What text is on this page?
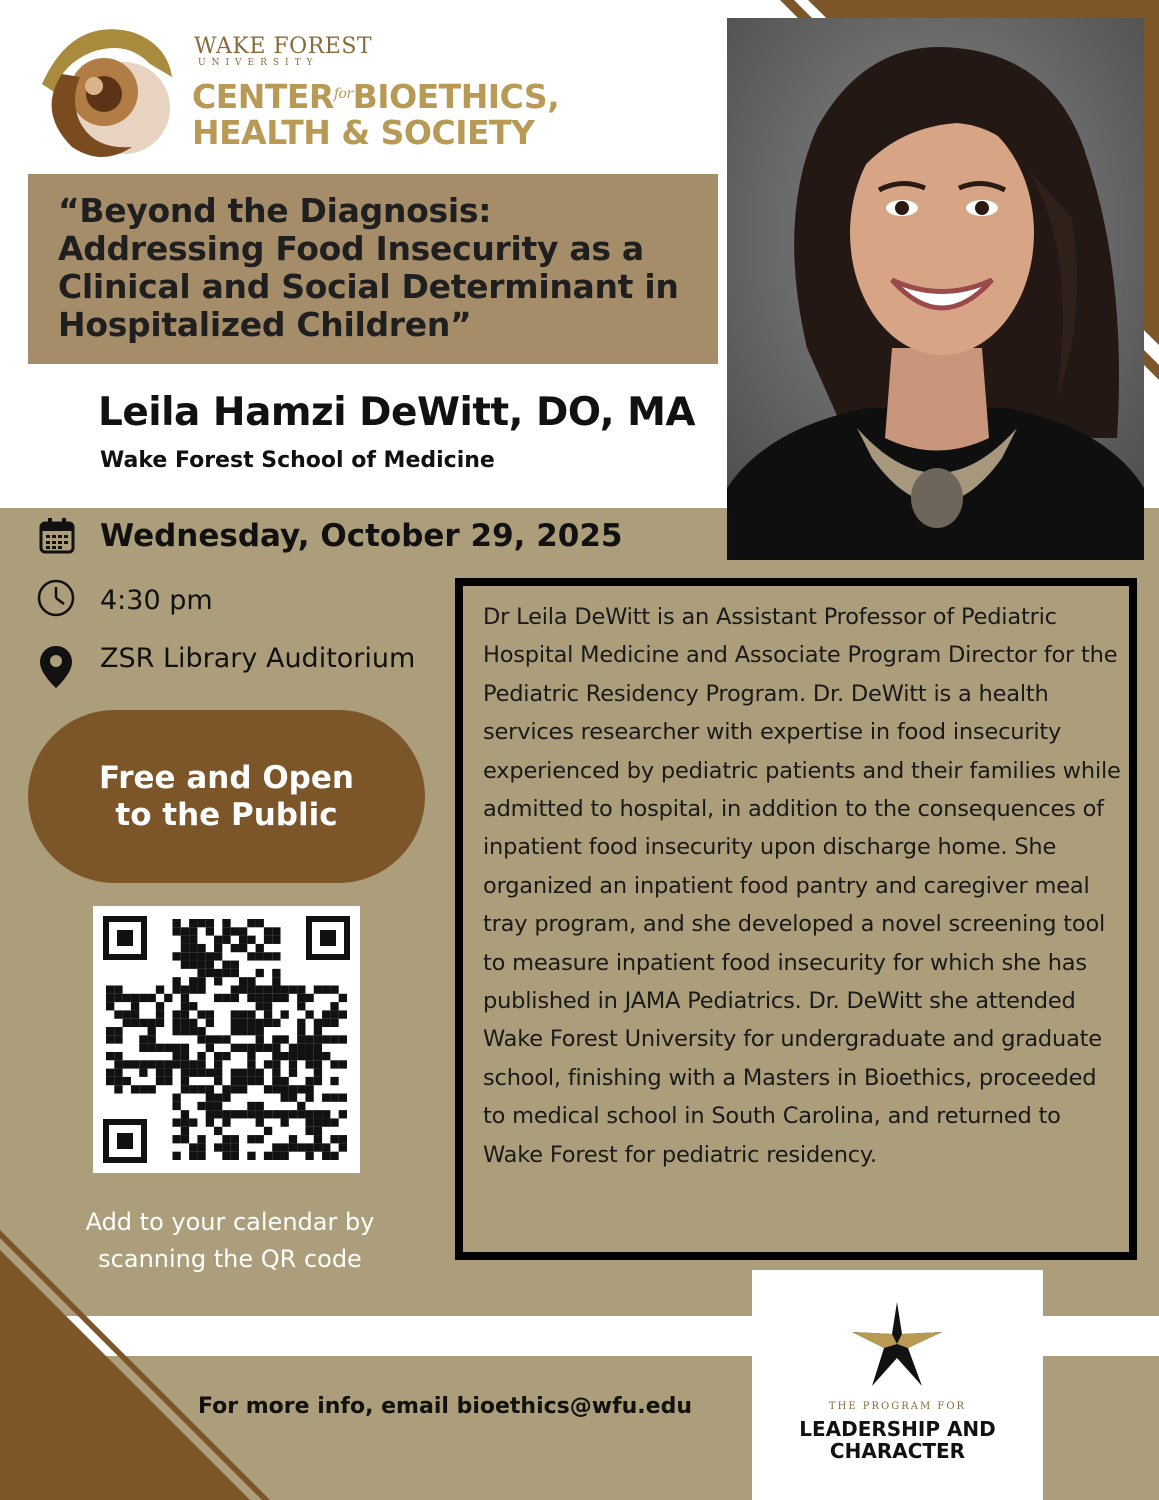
WAKE FOREST
UNIVERSITY
$CENTER^{for}BIOETHICS$,
HEALTH & SOCIETY
“Beyond the Diagnosis: Addressing Food Insecurity as a Clinical and Social Determinant in Hospitalized Children”
Leila Hamzi DeWitt, DO, MA
Wake Forest School of Medicine
Wednesday, October 29, 2025
4:30 pm
ZSR Library Auditorium
Free and Open
to the Public
Add to your calendar by
scanning the QR code
Dr Leila DeWitt is an Assistant Professor of Pediatric Hospital Medicine and Associate Program Director for the Pediatric Residency Program. Dr. DeWitt is a health services researcher with expertise in food insecurity experienced by pediatric patients and their families while admitted to hospital, in addition to the consequences of inpatient food insecurity upon discharge home. She organized an inpatient food pantry and caregiver meal tray program, and she developed a novel screening tool to measure inpatient food insecurity for which she has published in JAMA Pediatrics. Dr. DeWitt she attended Wake Forest University for undergraduate and graduate school, finishing with a Masters in Bioethics, proceeded to medical school in South Carolina, and returned to Wake Forest for pediatric residency.
For more info, email bioethics@wfu.edu	THE PROGRAM FOR
LEADERSHIP AND
CHARACTER
